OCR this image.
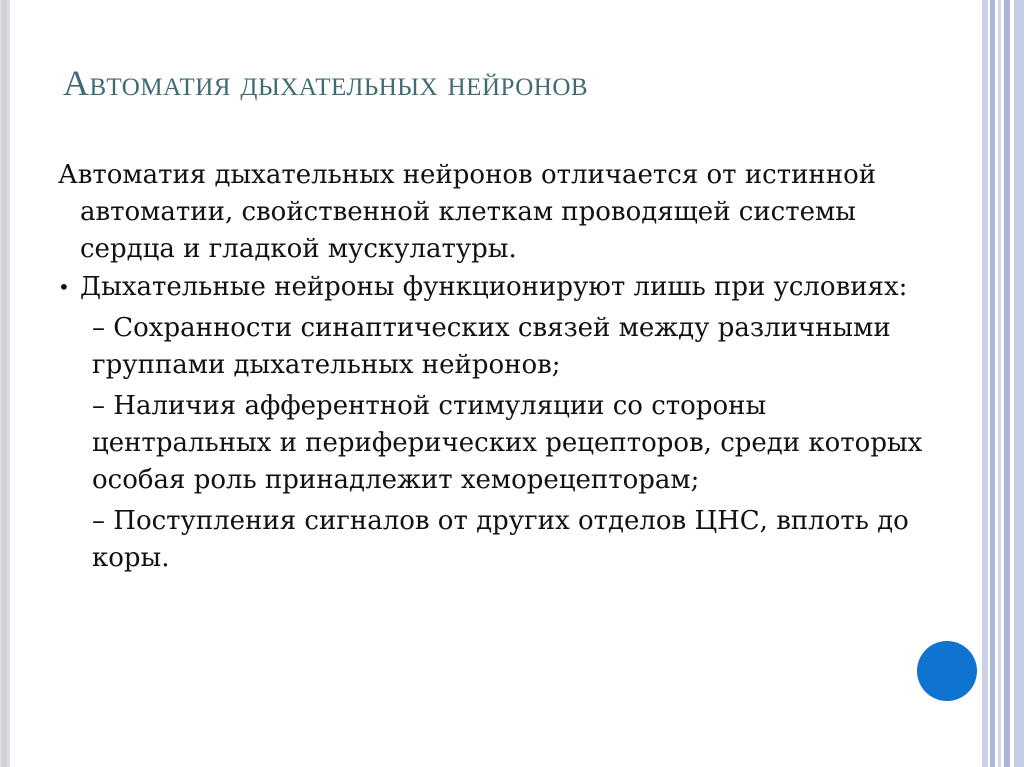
Автоматия дыхательных нейронов
Автоматия дыхательных нейронов отличается от истинной автоматии, свойственной клеткам проводящей системы сердца и гладкой мускулатуры.
• Дыхательные нейроны функционируют лишь при условиях:
– Сохранности синаптических связей между различными группами дыхательных нейронов;
– Наличия афферентной стимуляции со стороны центральных и периферических рецепторов, среди которых особая роль принадлежит хеморецепторам;
– Поступления сигналов от других отделов ЦНС, вплоть до коры.
